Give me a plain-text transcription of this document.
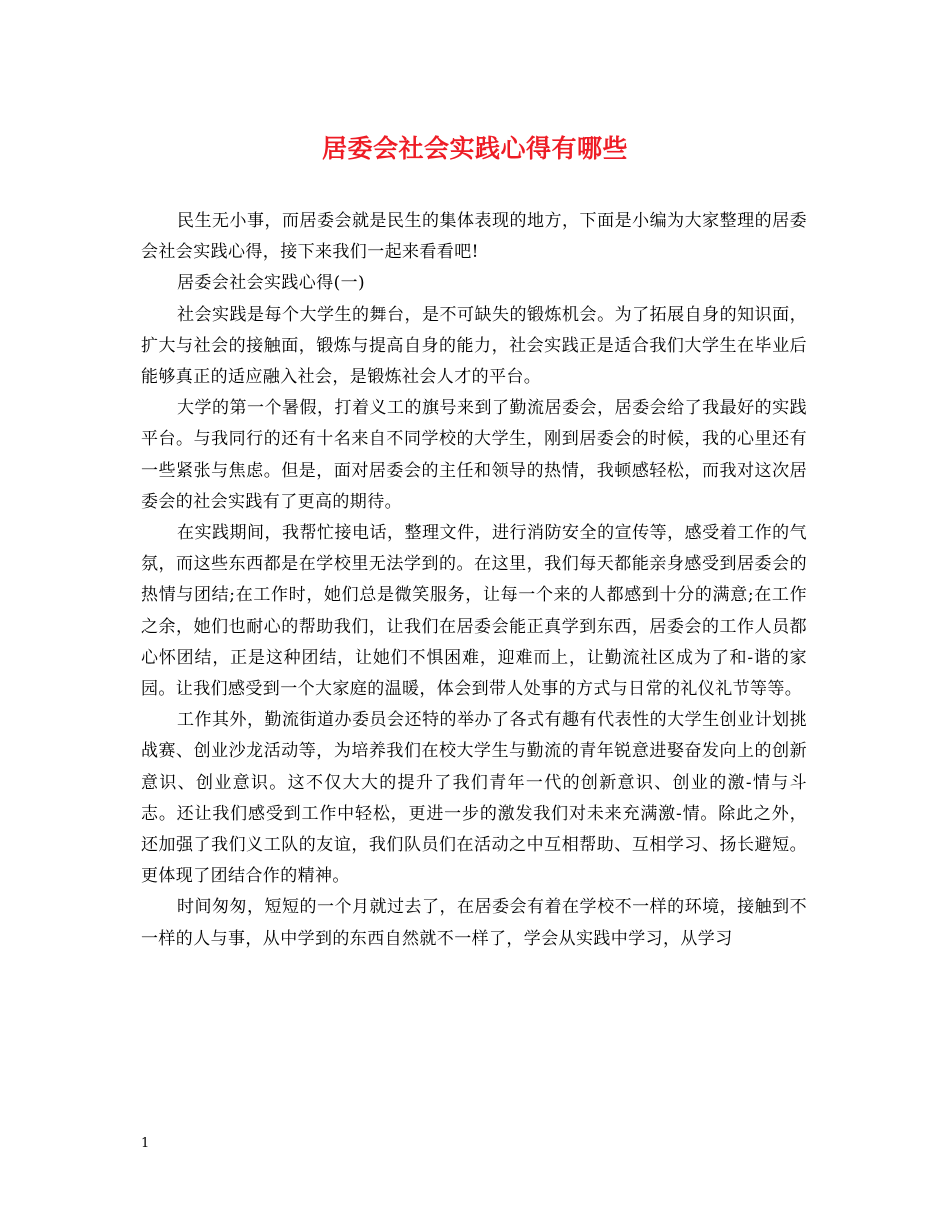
居委会社会实践心得有哪些

民生无小事，而居委会就是民生的集体表现的地方，下面是小编为大家整理的居委会社会实践心得，接下来我们一起来看看吧!

居委会社会实践心得(一)

社会实践是每个大学生的舞台，是不可缺失的锻炼机会。为了拓展自身的知识面，扩大与社会的接触面，锻炼与提高自身的能力，社会实践正是适合我们大学生在毕业后能够真正的适应融入社会，是锻炼社会人才的平台。

大学的第一个暑假，打着义工的旗号来到了勤流居委会，居委会给了我最好的实践平台。与我同行的还有十名来自不同学校的大学生，刚到居委会的时候，我的心里还有一些紧张与焦虑。但是，面对居委会的主任和领导的热情，我顿感轻松，而我对这次居委会的社会实践有了更高的期待。

在实践期间，我帮忙接电话，整理文件，进行消防安全的宣传等，感受着工作的气氛，而这些东西都是在学校里无法学到的。在这里，我们每天都能亲身感受到居委会的热情与团结;在工作时，她们总是微笑服务，让每一个来的人都感到十分的满意;在工作之余，她们也耐心的帮助我们，让我们在居委会能正真学到东西，居委会的工作人员都心怀团结，正是这种团结，让她们不惧困难，迎难而上，让勤流社区成为了和-谐的家园。让我们感受到一个大家庭的温暖，体会到带人处事的方式与日常的礼仪礼节等等。

工作其外，勤流街道办委员会还特的举办了各式有趣有代表性的大学生创业计划挑战赛、创业沙龙活动等，为培养我们在校大学生与勤流的青年锐意进娶奋发向上的创新意识、创业意识。这不仅大大的提升了我们青年一代的创新意识、创业的激-情与斗志。还让我们感受到工作中轻松，更进一步的激发我们对未来充满激-情。除此之外，还加强了我们义工队的友谊，我们队员们在活动之中互相帮助、互相学习、扬长避短。更体现了团结合作的精神。

时间匆匆，短短的一个月就过去了，在居委会有着在学校不一样的环境，接触到不一样的人与事，从中学到的东西自然就不一样了，学会从实践中学习，从学习

1
